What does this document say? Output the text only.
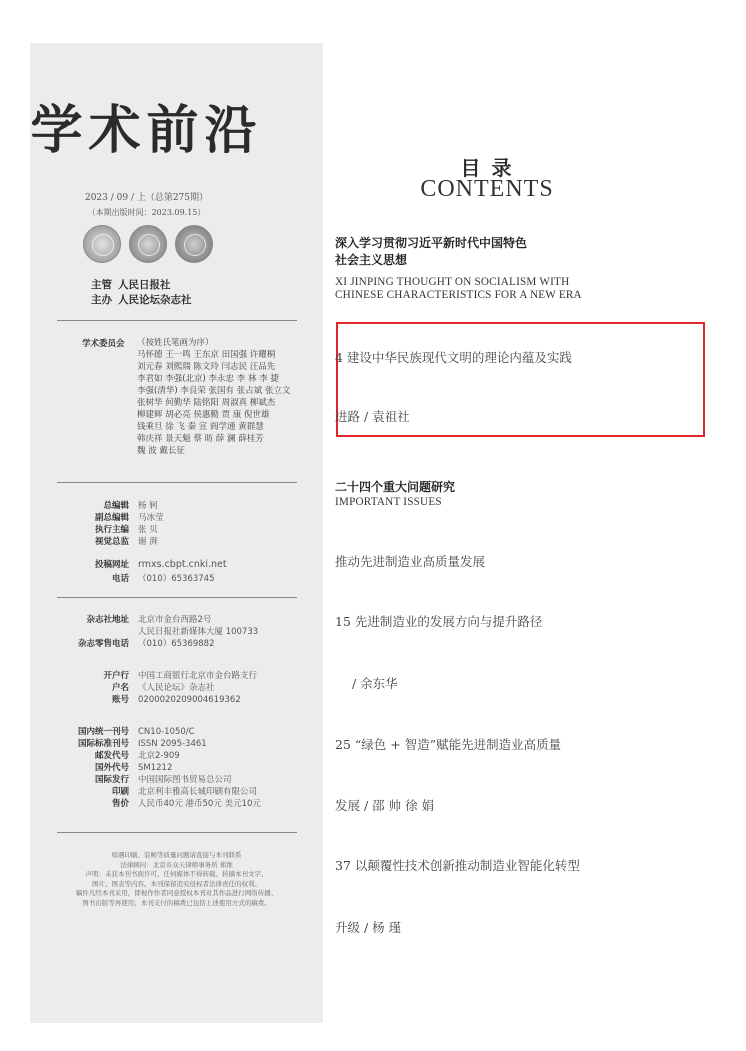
学术前沿
2023 / 09 / 上（总第275期）
（本期出版时间：2023.09.15）
主管 人民日报社
主办 人民论坛杂志社
学术委员会 （按姓氏笔画为序）
马怀德 王一鸣 王东京 田国强 许耀桐
刘元春 刘熙瑞 陈文玲 闫志民 汪品先
李君如 李强(北京) 李永忠 李 林 李 捷
李强(清华) 李良荣 张国有 张占斌 张立文
张树华 何勤华 陆铭阳 周淑真 柳斌杰
柳建辉 胡必亮 侯惠勤 贾 康 倪世雄
钱乘旦 徐 飞 秦 宣 阎学通 黄群慧
韩庆祥 景天魁 蔡 昉 薛 澜 薛桂芳
魏 波 戴长征
总编辑 杨 轲
副总编辑 马冰莹
执行主编 张 贝
视觉总监 谢 湃
投稿网址 rmxs.cbpt.cnki.net
电话 （010）65363745
杂志社地址 北京市金台西路2号
人民日报社新媒体大厦 100733
杂志零售电话 （010）65369882
开户行 中国工商银行北京市金台路支行
户名 《人民论坛》杂志社
账号 0200020209004619362
国内统一刊号 CN10-1050/C
国际标准刊号 ISSN 2095-3461
邮发代号 北京2-909
国外代号 SM1212
国际发行 中国国际图书贸易总公司
印刷 北京利丰雅高长城印刷有限公司
售价 人民币40元 港币50元 美元10元
如遇印刷、装帧等质量问题请直接与本刊联系
法律顾问：北京市众天律师事务所 郑维
声明：未获本刊书面许可，任何媒体不得转载、转摘本刊文字、
图片、图表等内容。本刊保留追究侵权者法律责任的权利。
稿件凡经本刊采用，即视作作者同意授权本刊对其作品进行网络传播、
图书出版等再使用；本刊支付的稿费已包括上述使用方式的稿费。
目 录
CONTENTS
深入学习贯彻习近平新时代中国特色
社会主义思想
XI JINPING THOUGHT ON SOCIALISM WITH
CHINESE CHARACTERISTICS FOR A NEW ERA
4 建设中华民族现代文明的理论内蕴及实践
进路 / 袁祖社
二十四个重大问题研究
IMPORTANT ISSUES
推动先进制造业高质量发展
15 先进制造业的发展方向与提升路径
/ 余东华
25 “绿色 + 智造”赋能先进制造业高质量
发展 / 邵 帅 徐 娟
37 以颠覆性技术创新推动制造业智能化转型
升级 / 杨 瑾
